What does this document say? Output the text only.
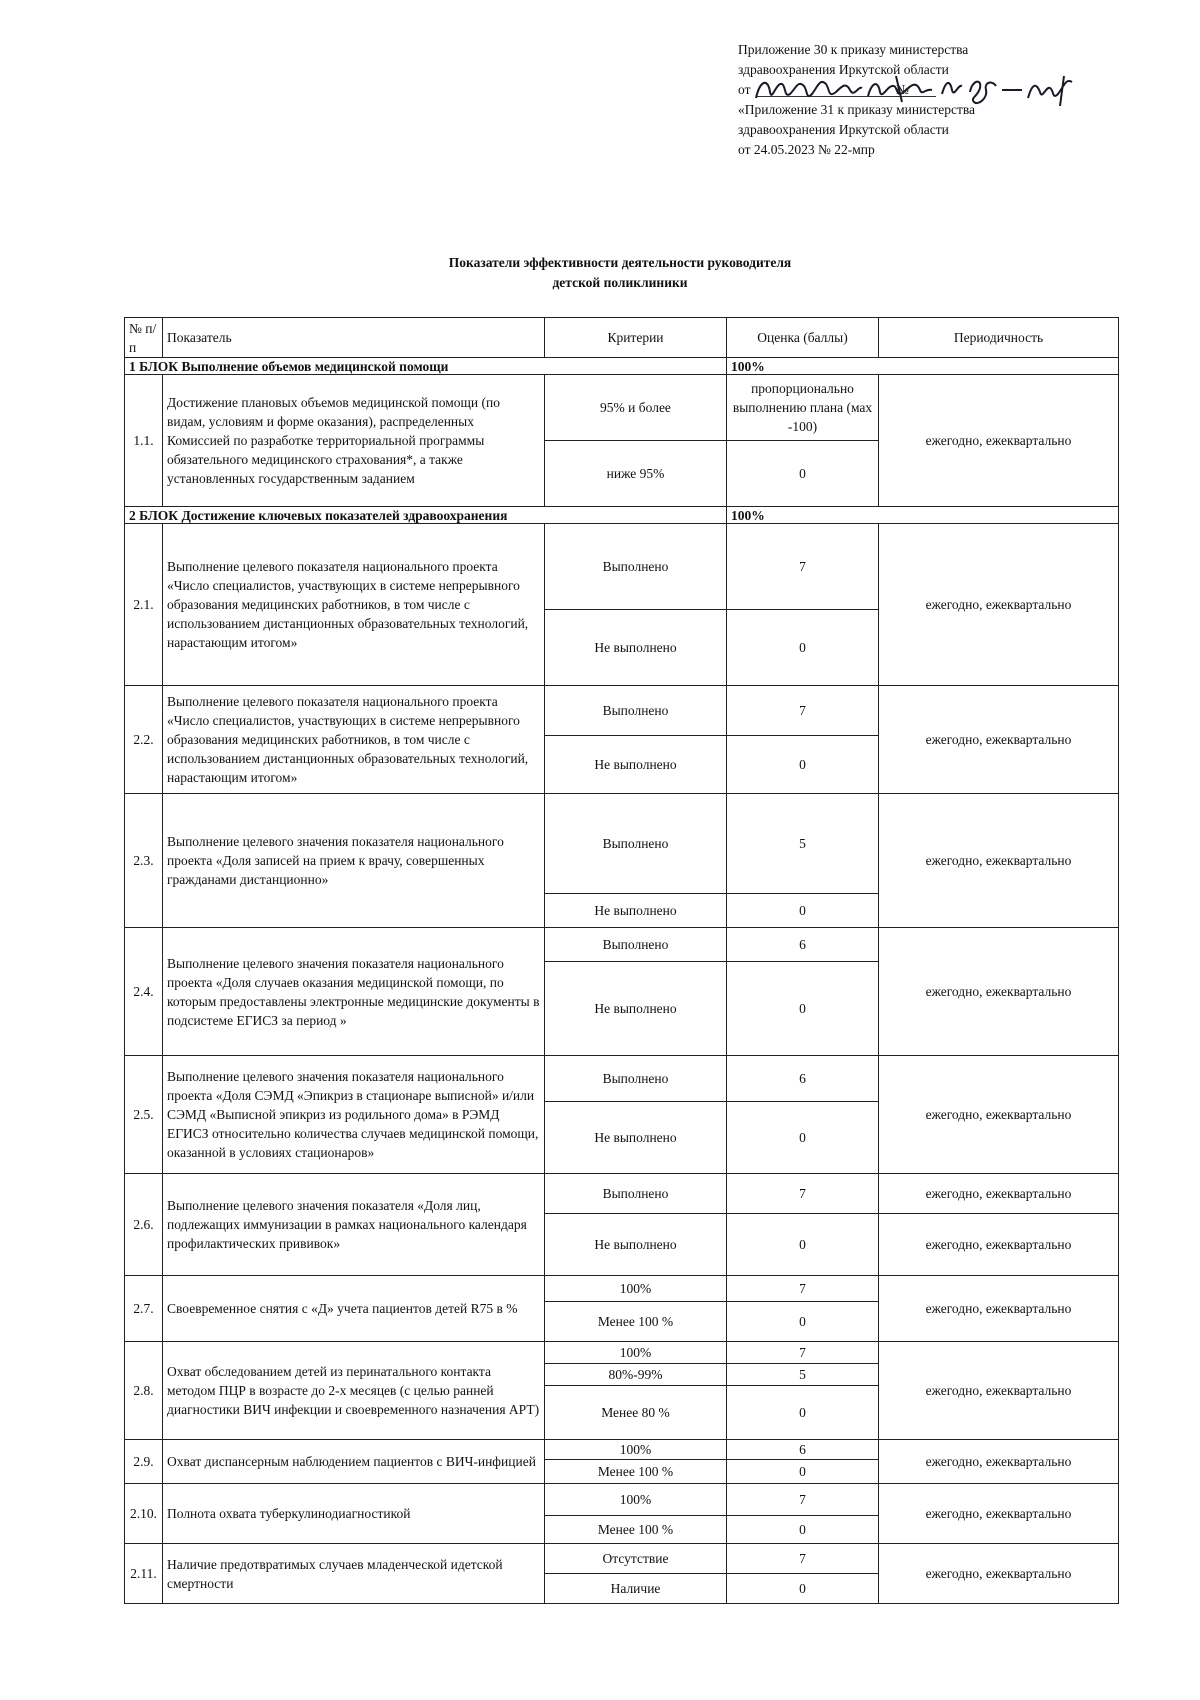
Приложение 30 к приказу министерства
здравоохранения Иркутской области
от	№
«Приложение 31 к приказу министерства
здравоохранения Иркутской области
от 24.05.2023 № 22-мпр
Показатели эффективности деятельности руководителя
детской поликлиники
№ п/п	Показатель	Критерии	Оценка (баллы)	Периодичность
1 БЛОК Выполнение объемов медицинской помощи			100%	
1.1.	Достижение плановых объемов медицинской помощи (по видам, условиям и форме оказания), распределенных Комиссией по разработке территориальной программы обязательного медицинского страхования*, а также установленных государственным заданием	95% и более	пропорционально выполнению плана (мах -100)	ежегодно, ежеквартально
		ниже 95%	0	
2 БЛОК Достижение ключевых показателей здравоохранения			100%	
2.1.	Выполнение целевого показателя национального проекта «Число специалистов, участвующих в системе непрерывного образования медицинских работников, в том числе с использованием дистанционных образовательных технологий, нарастающим итогом»	Выполнено	7	ежегодно, ежеквартально
		Не выполнено	0	
2.2.	Выполнение целевого показателя национального проекта «Число специалистов, участвующих в системе непрерывного образования медицинских работников, в том числе с использованием дистанционных образовательных технологий, нарастающим итогом»	Выполнено	7	ежегодно, ежеквартально
		Не выполнено	0	
2.3.	Выполнение целевого значения показателя национального проекта «Доля записей на прием к врачу, совершенных гражданами дистанционно»	Выполнено	5	ежегодно, ежеквартально
		Не выполнено	0	
2.4.	Выполнение целевого значения показателя национального проекта «Доля случаев оказания медицинской помощи, по которым предоставлены электронные медицинские документы в подсистеме ЕГИСЗ за период »	Выполнено	6	ежегодно, ежеквартально
		Не выполнено	0	
2.5.	Выполнение целевого значения показателя национального проекта «Доля СЭМД «Эпикриз в стационаре выписной» и/или СЭМД «Выписной эпикриз из родильного дома» в РЭМД ЕГИСЗ относительно количества случаев медицинской помощи, оказанной в условиях стационаров»	Выполнено	6	ежегодно, ежеквартально
		Не выполнено	0	
2.6.	Выполнение целевого значения показателя «Доля лиц, подлежащих иммунизации в рамках национального календаря профилактических прививок»	Выполнено	7	ежегодно, ежеквартально
		Не выполнено	0	ежегодно, ежеквартально
2.7.	Своевременное снятия с «Д» учета пациентов детей R75 в %	100%	7	ежегодно, ежеквартально
		Менее 100 %	0	
2.8.	Охват обследованием детей из перинатального контакта методом ПЦР в возрасте до 2-х месяцев (с целью ранней диагностики ВИЧ инфекции и своевременного назначения АРТ)	100%	7	ежегодно, ежеквартально
		80%-99%	5	
		Менее 80 %	0	
2.9.	Охват диспансерным наблюдением пациентов с ВИЧ-инфицией	100%	6	ежегодно, ежеквартально
		Менее 100 %	0	
2.10.	Полнота охвата туберкулинодиагностикой	100%	7	ежегодно, ежеквартально
		Менее 100 %	0	
2.11.	Наличие предотвратимых случаев младенческой идетской смертности	Отсутствие	7	ежегодно, ежеквартально
		Наличие	0	
